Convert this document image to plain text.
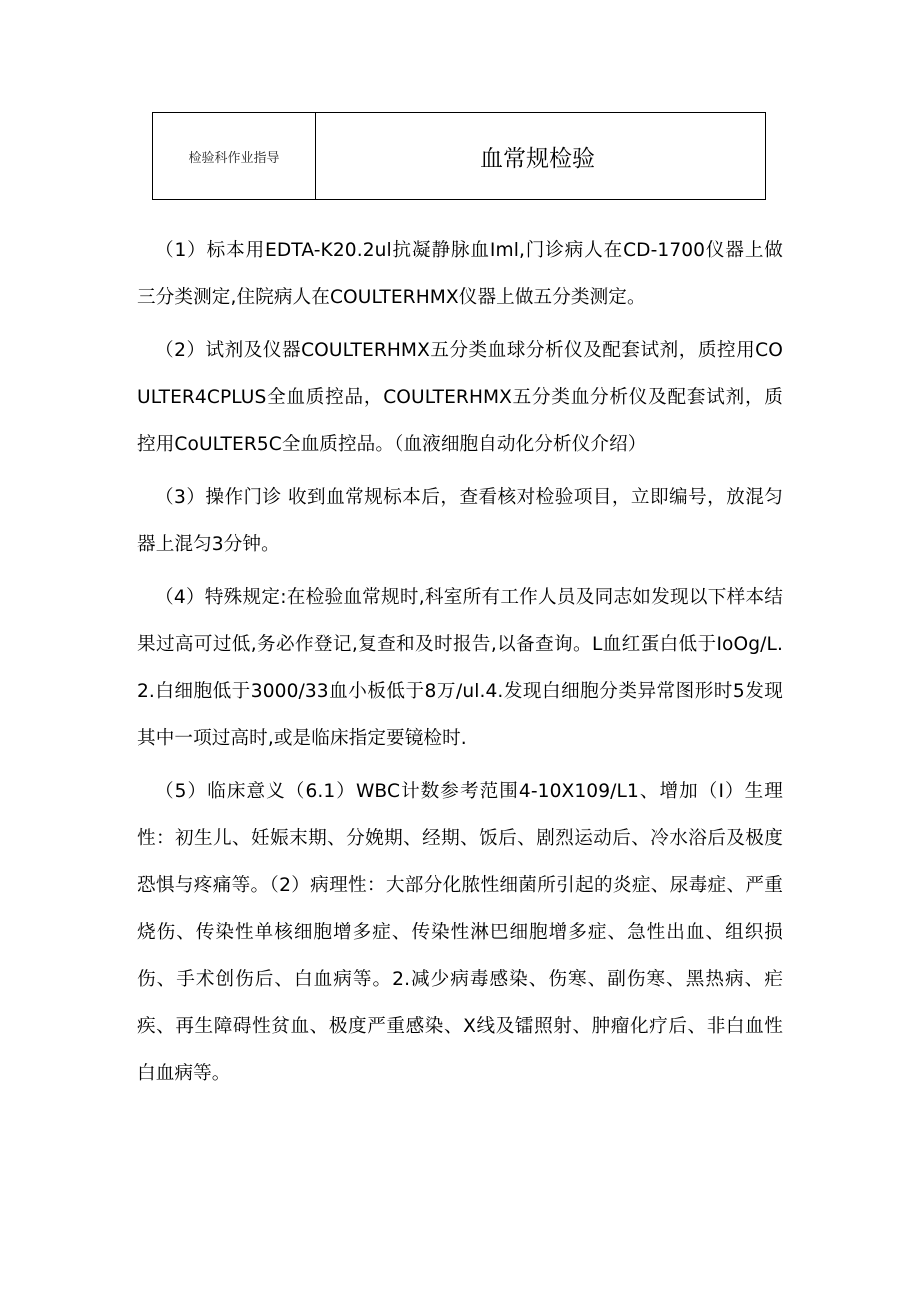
检验科作业指导	血常规检验

（1）标本用EDTA-K20.2ul抗凝静脉血Iml,门诊病人在CD-1700仪器上做三分类测定,住院病人在COULTERHMX仪器上做五分类测定。

（2）试剂及仪器COULTERHMX五分类血球分析仪及配套试剂，质控用COULTER4CPLUS全血质控品，COULTERHMX五分类血分析仪及配套试剂，质控用CoULTER5C全血质控品。（血液细胞自动化分析仪介绍）

（3）操作门诊 收到血常规标本后，查看核对检验项目，立即编号，放混匀器上混匀3分钟。

（4）特殊规定:在检验血常规时,科室所有工作人员及同志如发现以下样本结果过高可过低,务必作登记,复查和及时报告,以备查询。L血红蛋白低于IoOg/L.2.白细胞低于3000/33血小板低于8万/ul.4.发现白细胞分类异常图形时5发现其中一项过高时,或是临床指定要镜检时.

（5）临床意义（6.1）WBC计数参考范围4-10X109/L1、增加（I）生理性：初生儿、妊娠末期、分娩期、经期、饭后、剧烈运动后、冷水浴后及极度恐惧与疼痛等。（2）病理性：大部分化脓性细菌所引起的炎症、尿毒症、严重烧伤、传染性单核细胞增多症、传染性淋巴细胞增多症、急性出血、组织损伤、手术创伤后、白血病等。2.减少病毒感染、伤寒、副伤寒、黑热病、疟疾、再生障碍性贫血、极度严重感染、X线及镭照射、肿瘤化疗后、非白血性白血病等。
